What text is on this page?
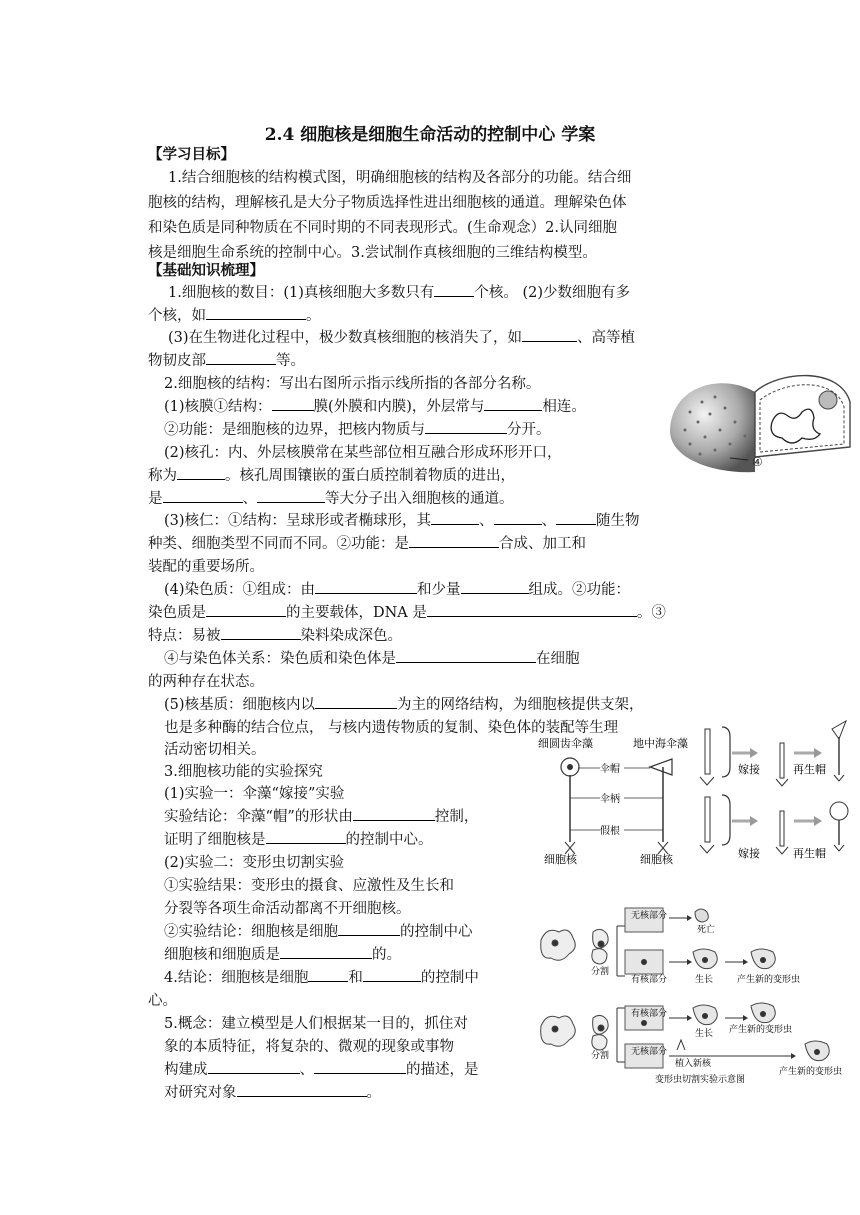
2.4 细胞核是细胞生命活动的控制中心 学案
【学习目标】
1.结合细胞核的结构模式图，明确细胞核的结构及各部分的功能。结合细
胞核的结构，理解核孔是大分子物质选择性进出细胞核的通道。理解染色体
和染色质是同种物质在不同时期的不同表现形式。(生命观念）2.认同细胞
核是细胞生命系统的控制中心。3.尝试制作真核细胞的三维结构模型。
【基础知识梳理】
1.细胞核的数目：(1)真核细胞大多数只有	个核。 (2)少数细胞有多
个核，如	。
(3)在生物进化过程中，极少数真核细胞的核消失了，如	、高等植
物韧皮部	等。
2.细胞核的结构：写出右图所示指示线所指的各部分名称。
(1)核膜①结构：	膜(外膜和内膜)，外层常与	相连。
②功能：是细胞核的边界，把核内物质与	分开。
(2)核孔：内、外层核膜常在某些部位相互融合形成环形开口，
称为	。核孔周围镶嵌的蛋白质控制着物质的进出，
是	、	等大分子出入细胞核的通道。
(3)核仁：①结构：呈球形或者椭球形，其	、	、	随生物
种类、细胞类型不同而不同。②功能：是	合成、加工和
装配的重要场所。
(4)染色质：①组成：由	和少量	组成。②功能：
染色质是	的主要载体，DNA 是	。③
特点：易被	染料染成深色。
④与染色体关系：染色质和染色体是	在细胞
的两种存在状态。
(5)核基质：细胞核内以	为主的网络结构，为细胞核提供支架，
也是多种酶的结合位点， 与核内遗传物质的复制、染色体的装配等生理
活动密切相关。
3.细胞核功能的实验探究
(1)实验一：伞藻“嫁接”实验
实验结论：伞藻“帽”的形状由	控制，
证明了细胞核是	的控制中心。
(2)实验二：变形虫切割实验
①实验结果：变形虫的摄食、应激性及生长和
分裂等各项生命活动都离不开细胞核。
②实验结论：细胞核是细胞	的控制中心
细胞核和细胞质是	的。
4.结论：细胞核是细胞	和	的控制中
心。
5.概念：建立模型是人们根据某一目的，抓住对
象的本质特征，将复杂的、微观的现象或事物
构建成	、	的描述，是
对研究对象	。
④
细圆齿伞藻	地中海伞藻
伞帽
伞柄
假根
细胞核	细胞核
嫁接	再生帽
嫁接	再生帽
分割
无核部分
死亡
有核部分	生长	产生新的变形虫
分割
有核部分
生长 产生新的变形虫
无核部分
植入新核
产生新的变形虫
变形虫切割实验示意图
